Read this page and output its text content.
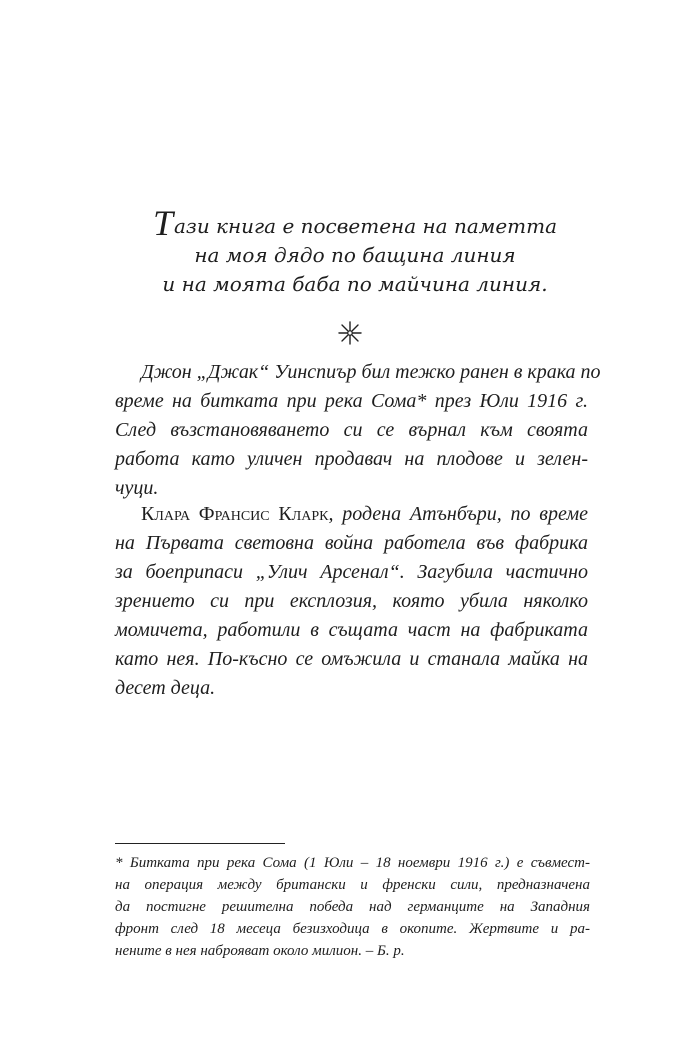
Тази книга е посветена на паметта
на моя дядо по бащина линия
и на моята баба по майчина линия.
Джон „Джак“ Уинспиър бил тежко ранен в крака по
време на битката при река Сома* през Юли 1916 г.
След възстановяването си се върнал към своята
работа като уличен продавач на плодове и зелен-
чуци.
Клара Франсис Кларк, родена Атънбъри, по време
на Първата световна война работела във фабрика
за боеприпаси „Улич Арсенал“. Загубила частично
зрението си при експлозия, която убила няколко
момичета, работили в същата част на фабриката
като нея. По-късно се омъжила и станала майка на
десет деца.
* Битката при река Сома (1 Юли – 18 ноември 1916 г.) е съвмест-
на операция между британски и френски сили, предназначена
да постигне решителна победа над германците на Западния
фронт след 18 месеца безизходица в окопите. Жертвите и ра-
нените в нея наброяват около милион. – Б. р.
